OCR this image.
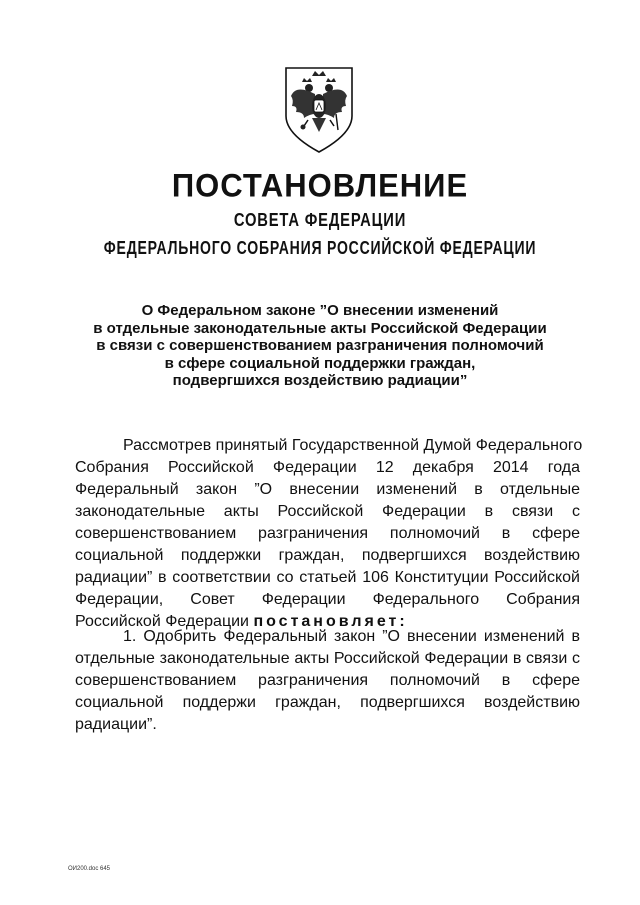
ПОСТАНОВЛЕНИЕ
СОВЕТА ФЕДЕРАЦИИ
ФЕДЕРАЛЬНОГО СОБРАНИЯ РОССИЙСКОЙ ФЕДЕРАЦИИ
О Федеральном законе ”О внесении изменений
в отдельные законодательные акты Российской Федерации
в связи с совершенствованием разграничения полномочий
в сфере социальной поддержки граждан,
подвергшихся воздействию радиации”
Рассмотрев принятый Государственной Думой Федерального
Собрания Российской Федерации 12 декабря 2014 года
Федеральный закон ”О внесении изменений в отдельные
законодательные акты Российской Федерации в связи с
совершенствованием разграничения полномочий в сфере
социальной поддержки граждан, подвергшихся воздействию
радиации” в соответствии со статьей 106 Конституции Российской
Федерации, Совет Федерации Федерального Собрания
Российской Федерации постановляет:
1. Одобрить Федеральный закон ”О внесении изменений в
отдельные законодательные акты Российской Федерации в связи с
совершенствованием разграничения полномочий в сфере
социальной поддержи граждан, подвергшихся воздействию
радиации”.
ОИ200.doc 645
